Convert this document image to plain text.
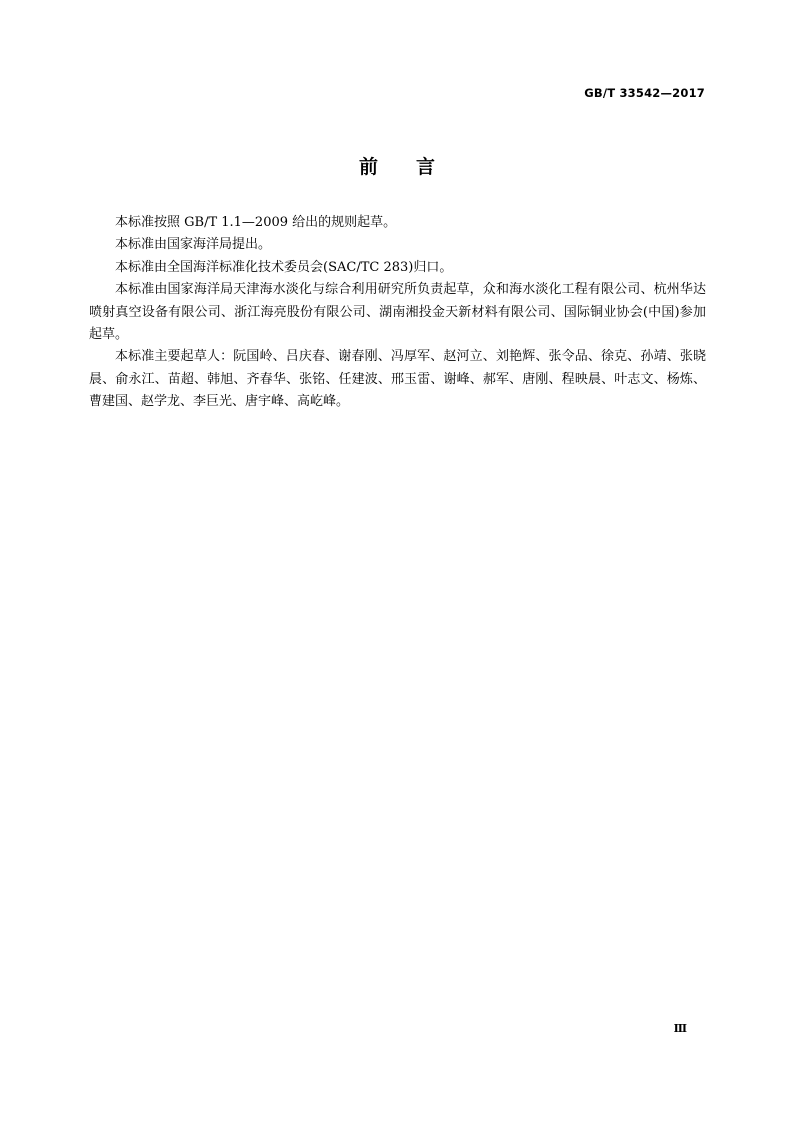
GB/T 33542—2017
前言

本标准按照 GB/T 1.1—2009 给出的规则起草。

本标准由国家海洋局提出。

本标准由全国海洋标准化技术委员会(SAC/TC 283)归口。

本标准由国家海洋局天津海水淡化与综合利用研究所负责起草，众和海水淡化工程有限公司、杭州华达喷射真空设备有限公司、浙江海亮股份有限公司、湖南湘投金天新材料有限公司、国际铜业协会(中国)参加起草。

本标准主要起草人：阮国岭、吕庆春、谢春刚、冯厚军、赵河立、刘艳辉、张令品、徐克、孙靖、张晓晨、俞永江、苗超、韩旭、齐春华、张铭、任建波、邢玉雷、谢峰、郝军、唐刚、程映晨、叶志文、杨炼、曹建国、赵学龙、李巨光、唐宇峰、高屹峰。

Ⅲ
